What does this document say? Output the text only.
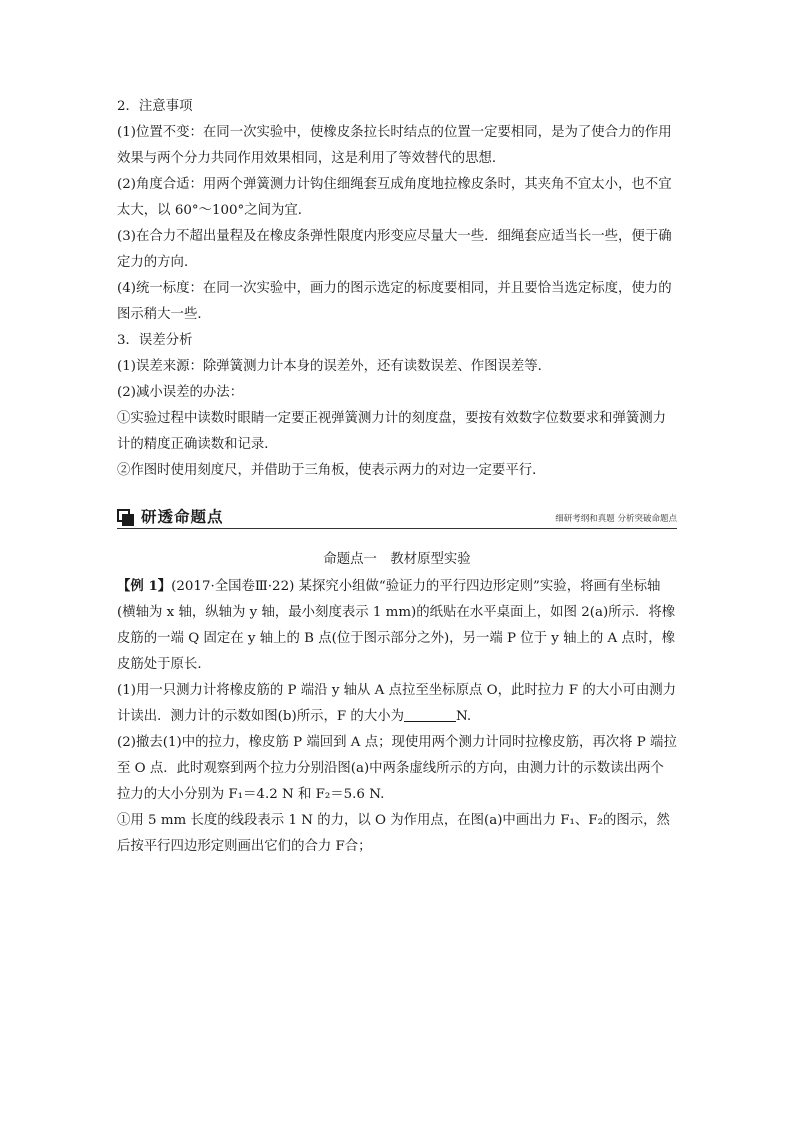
2．注意事项

(1)位置不变：在同一次实验中，使橡皮条拉长时结点的位置一定要相同，是为了使合力的作用效果与两个分力共同作用效果相同，这是利用了等效替代的思想．

(2)角度合适：用两个弹簧测力计钩住细绳套互成角度地拉橡皮条时，其夹角不宜太小，也不宜太大，以 60°～100°之间为宜．

(3)在合力不超出量程及在橡皮条弹性限度内形变应尽量大一些．细绳套应适当长一些，便于确定力的方向．

(4)统一标度：在同一次实验中，画力的图示选定的标度要相同，并且要恰当选定标度，使力的图示稍大一些．

3．误差分析

(1)误差来源：除弹簧测力计本身的误差外，还有读数误差、作图误差等．

(2)减小误差的办法：

①实验过程中读数时眼睛一定要正视弹簧测力计的刻度盘，要按有效数字位数要求和弹簧测力计的精度正确读数和记录．

②作图时使用刻度尺，并借助于三角板，使表示两力的对边一定要平行．

研透命题点	细研考纲和真题 分析突破命题点
命题点一　教材原型实验

【例 1】(2017·全国卷Ⅲ·22) 某探究小组做“验证力的平行四边形定则”实验，将画有坐标轴(横轴为 x 轴，纵轴为 y 轴，最小刻度表示 1 mm)的纸贴在水平桌面上，如图 2(a)所示．将橡皮筋的一端 Q 固定在 y 轴上的 B 点(位于图示部分之外)，另一端 P 位于 y 轴上的 A 点时，橡皮筋处于原长．

(1)用一只测力计将橡皮筋的 P 端沿 y 轴从 A 点拉至坐标原点 O，此时拉力 F 的大小可由测力计读出．测力计的示数如图(b)所示，F 的大小为	N.

(2)撤去(1)中的拉力，橡皮筋 P 端回到 A 点；现使用两个测力计同时拉橡皮筋，再次将 P 端拉至 O 点．此时观察到两个拉力分别沿图(a)中两条虚线所示的方向，由测力计的示数读出两个拉力的大小分别为 F₁＝4.2 N 和 F₂＝5.6 N.

①用 5 mm 长度的线段表示 1 N 的力，以 O 为作用点，在图(a)中画出力 F₁、F₂的图示，然后按平行四边形定则画出它们的合力 F合；
